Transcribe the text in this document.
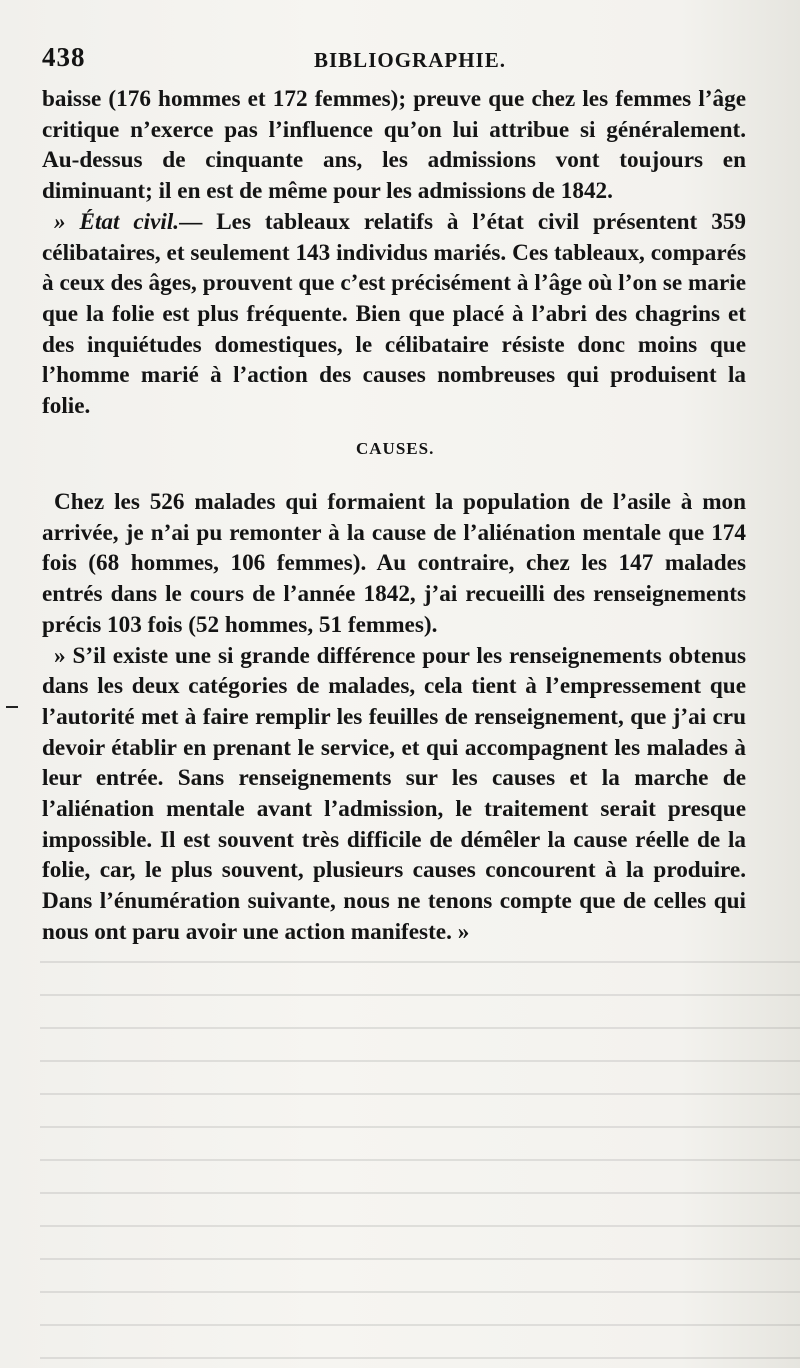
438	BIBLIOGRAPHIE.

baisse (176 hommes et 172 femmes); preuve que chez les femmes l’âge critique n’exerce pas l’influence qu’on lui attribue si généralement. Au-dessus de cinquante ans, les admissions vont toujours en diminuant; il en est de même pour les admissions de 1842.

» État civil.— Les tableaux relatifs à l’état civil présentent 359 célibataires, et seulement 143 individus mariés. Ces tableaux, comparés à ceux des âges, prouvent que c’est précisément à l’âge où l’on se marie que la folie est plus fréquente. Bien que placé à l’abri des chagrins et des inquiétudes domestiques, le célibataire résiste donc moins que l’homme marié à l’action des causes nombreuses qui produisent la folie.

CAUSES.

Chez les 526 malades qui formaient la population de l’asile à mon arrivée, je n’ai pu remonter à la cause de l’aliénation mentale que 174 fois (68 hommes, 106 femmes). Au contraire, chez les 147 malades entrés dans le cours de l’année 1842, j’ai recueilli des renseignements précis 103 fois (52 hommes, 51 femmes).

» S’il existe une si grande différence pour les renseignements obtenus dans les deux catégories de malades, cela tient à l’empressement que l’autorité met à faire remplir les feuilles de renseignement, que j’ai cru devoir établir en prenant le service, et qui accompagnent les malades à leur entrée. Sans renseignements sur les causes et la marche de l’aliénation mentale avant l’admission, le traitement serait presque impossible. Il est souvent très difficile de démêler la cause réelle de la folie, car, le plus souvent, plusieurs causes concourent à la produire. Dans l’énumération suivante, nous ne tenons compte que de celles qui nous ont paru avoir une action manifeste. »
